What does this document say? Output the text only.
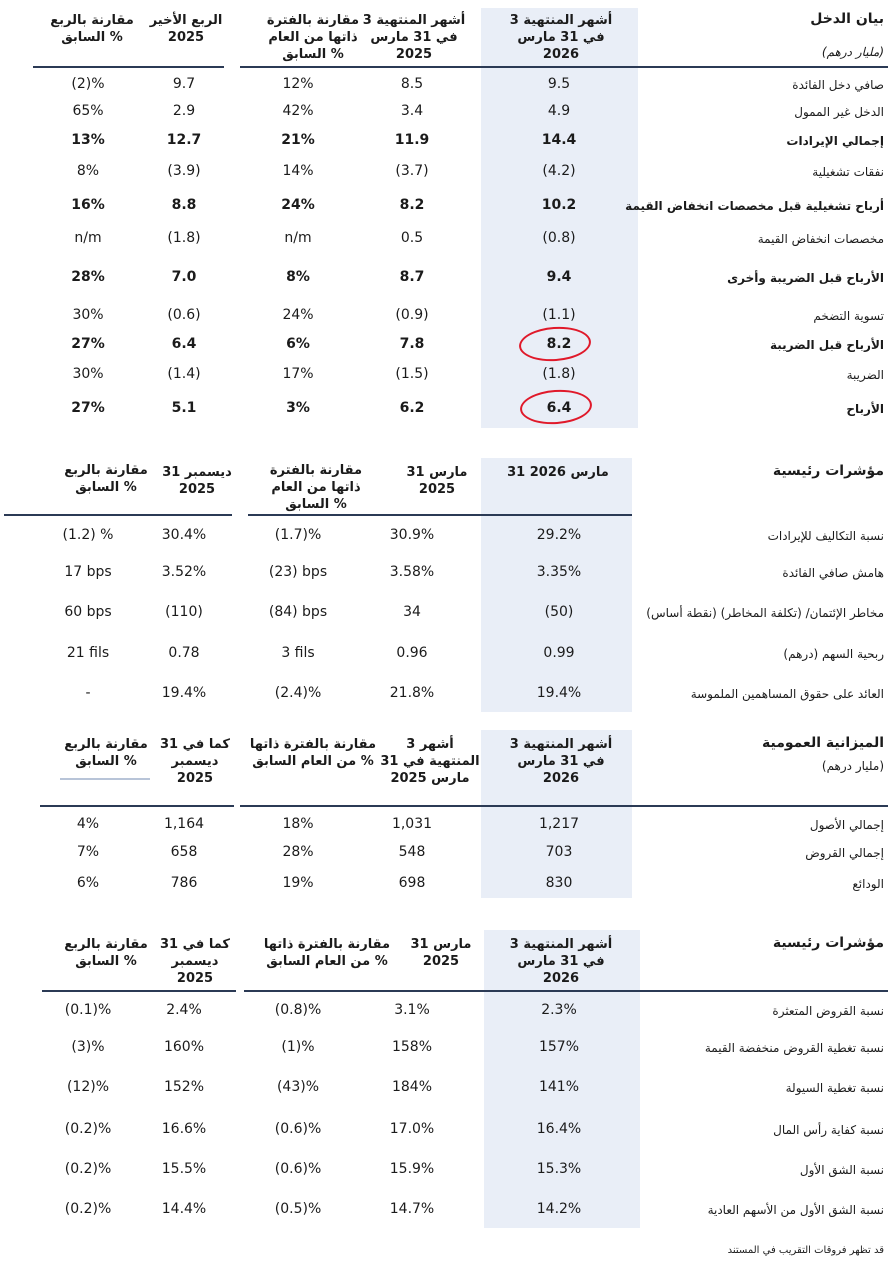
بيان الدخل
(مليار درهم)
3 أشهر المنتهية في 31 مارس 2026
3 أشهر المنتهية في 31 مارس 2025
مقارنة بالفترة ذاتها من العام السابق %
الربع الأخير 2025
مقارنة بالربع السابق %
صافي دخل الفائدة
9.5
8.5
12%
9.7
(2)%
الدخل غير الممول
4.9
3.4
42%
2.9
65%
إجمالي الإيرادات
14.4
11.9
21%
12.7
13%
نفقات تشغيلية
(4.2)
(3.7)
14%
(3.9)
8%
أرباح تشغيلية قبل مخصصات انخفاض القيمة
10.2
8.2
24%
8.8
16%
مخصصات انخفاض القيمة
(0.8)
0.5
n/m
(1.8)
n/m
الأرباح قبل الضريبة وأخرى
9.4
8.7
8%
7.0
28%
تسوية التضخم
(1.1)
(0.9)
24%
(0.6)
30%
الأرباح قبل الضريبة
8.2
7.8
6%
6.4
27%
الضريبة
(1.8)
(1.5)
17%
(1.4)
30%
الأرباح
6.4
6.2
3%
5.1
27%
مؤشرات رئيسية
31 مارس 2026
31 مارس 2025
مقارنة بالفترة ذاتها من العام السابق %
31 ديسمبر 2025
مقارنة بالربع السابق %
نسبة التكاليف للإيرادات
29.2%
30.9%
(1.7)%
30.4%
(1.2) %
هامش صافي الفائدة
3.35%
3.58%
(23) bps
3.52%
17 bps
مخاطر الإئتمان/ (تكلفة المخاطر) (نقطة أساس)
(50)
34
(84) bps
(110)
60 bps
ربحية السهم (درهم)
0.99
0.96
3 fils
0.78
21 fils
العائد على حقوق المساهمين الملموسة
19.4%
21.8%
(2.4)%
19.4%
-
الميزانية العمومية
(مليار درهم)
3 أشهر المنتهية في 31 مارس 2026
3 أشهر المنتهية في 31 مارس 2025
مقارنة بالفترة ذاتها من العام السابق %
كما في 31 ديسمبر 2025
مقارنة بالربع السابق %
إجمالي الأصول
1,217
1,031
18%
1,164
4%
إجمالي القروض
703
548
28%
658
7%
الودائع
830
698
19%
786
6%
مؤشرات رئيسية
3 أشهر المنتهية في 31 مارس 2026
31 مارس 2025
مقارنة بالفترة ذاتها من العام السابق %
كما في 31 ديسمبر 2025
مقارنة بالربع السابق %
نسبة القروض المتعثرة
2.3%
3.1%
(0.8)%
2.4%
(0.1)%
نسبة تغطية القروض منخفضة القيمة
157%
158%
(1)%
160%
(3)%
نسبة تغطية السيولة
141%
184%
(43)%
152%
(12)%
نسبة كفاية رأس المال
16.4%
17.0%
(0.6)%
16.6%
(0.2)%
نسبة الشق الأول
15.3%
15.9%
(0.6)%
15.5%
(0.2)%
نسبة الشق الأول من الأسهم العادية
14.2%
14.7%
(0.5)%
14.4%
(0.2)%
قد تظهر فروقات التقريب في المستند
